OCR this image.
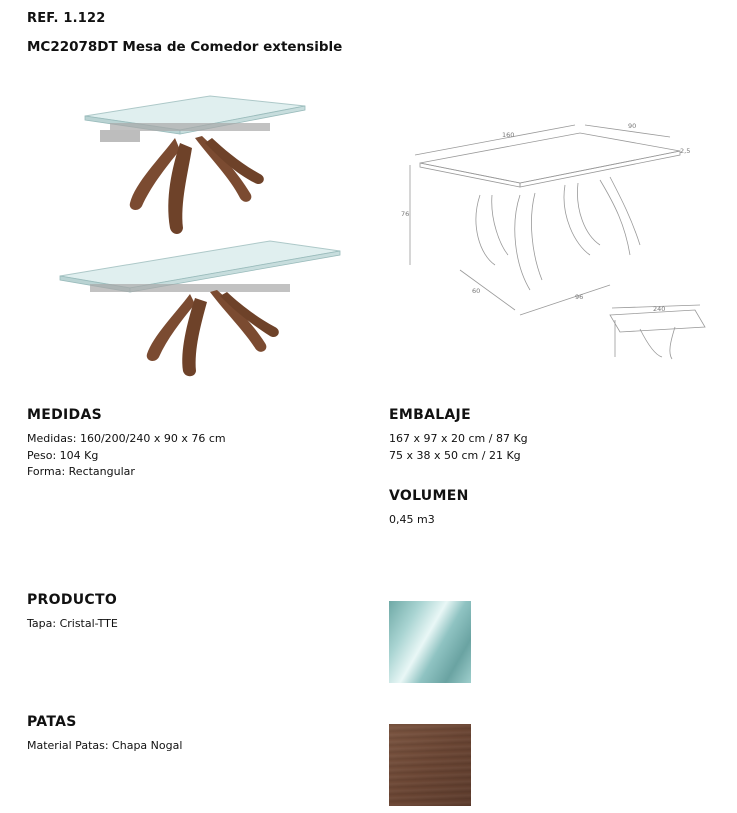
REF. 1.122
MC22078DT Mesa de Comedor extensible
160
90
2,5
76
60
96
240
MEDIDAS
Medidas: 160/200/240 x 90 x 76 cm
Peso: 104 Kg
Forma: Rectangular
EMBALAJE
167 x 97 x 20 cm / 87 Kg
75 x 38 x 50 cm / 21 Kg
VOLUMEN
0,45 m3
PRODUCTO
Tapa: Cristal-TTE
PATAS
Material Patas: Chapa Nogal
